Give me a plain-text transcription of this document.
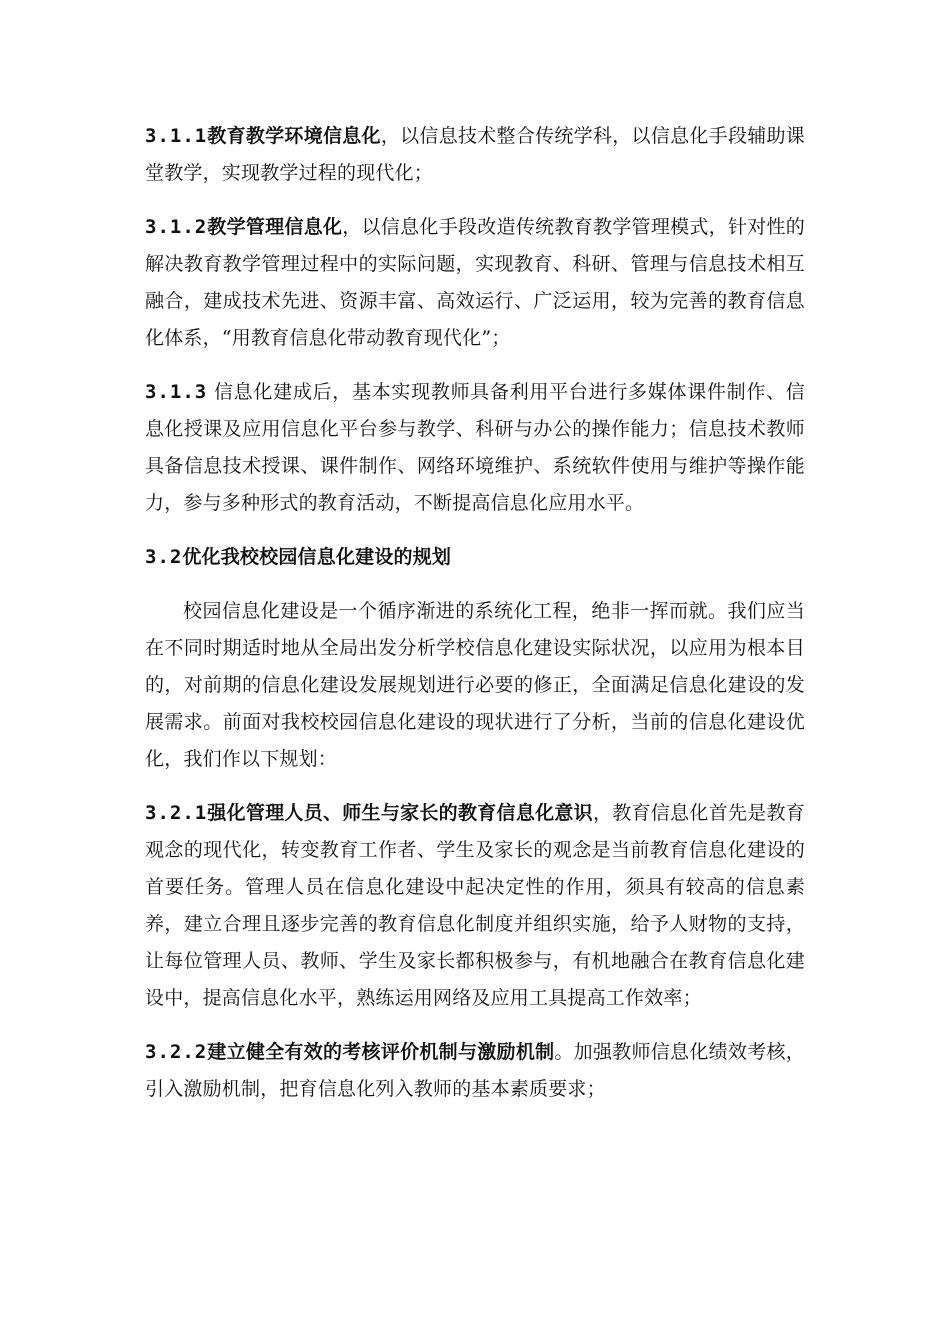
3.1.1教育教学环境信息化，以信息技术整合传统学科，以信息化手段辅助课堂教学，实现教学过程的现代化；

3.1.2教学管理信息化，以信息化手段改造传统教育教学管理模式，针对性的解决教育教学管理过程中的实际问题，实现教育、科研、管理与信息技术相互融合，建成技术先进、资源丰富、高效运行、广泛运用，较为完善的教育信息化体系，“用教育信息化带动教育现代化”；

3.1.3 信息化建成后，基本实现教师具备利用平台进行多媒体课件制作、信息化授课及应用信息化平台参与教学、科研与办公的操作能力；信息技术教师具备信息技术授课、课件制作、网络环境维护、系统软件使用与维护等操作能力，参与多种形式的教育活动，不断提高信息化应用水平。

3.2优化我校校园信息化建设的规划

校园信息化建设是一个循序渐进的系统化工程，绝非一挥而就。我们应当在不同时期适时地从全局出发分析学校信息化建设实际状况，以应用为根本目的，对前期的信息化建设发展规划进行必要的修正，全面满足信息化建设的发展需求。前面对我校校园信息化建设的现状进行了分析，当前的信息化建设优化，我们作以下规划：

3.2.1强化管理人员、师生与家长的教育信息化意识，教育信息化首先是教育观念的现代化，转变教育工作者、学生及家长的观念是当前教育信息化建设的首要任务。管理人员在信息化建设中起决定性的作用，须具有较高的信息素养，建立合理且逐步完善的教育信息化制度并组织实施，给予人财物的支持，让每位管理人员、教师、学生及家长都积极参与，有机地融合在教育信息化建设中，提高信息化水平，熟练运用网络及应用工具提高工作效率；

3.2.2建立健全有效的考核评价机制与激励机制。加强教师信息化绩效考核，引入激励机制，把育信息化列入教师的基本素质要求；
